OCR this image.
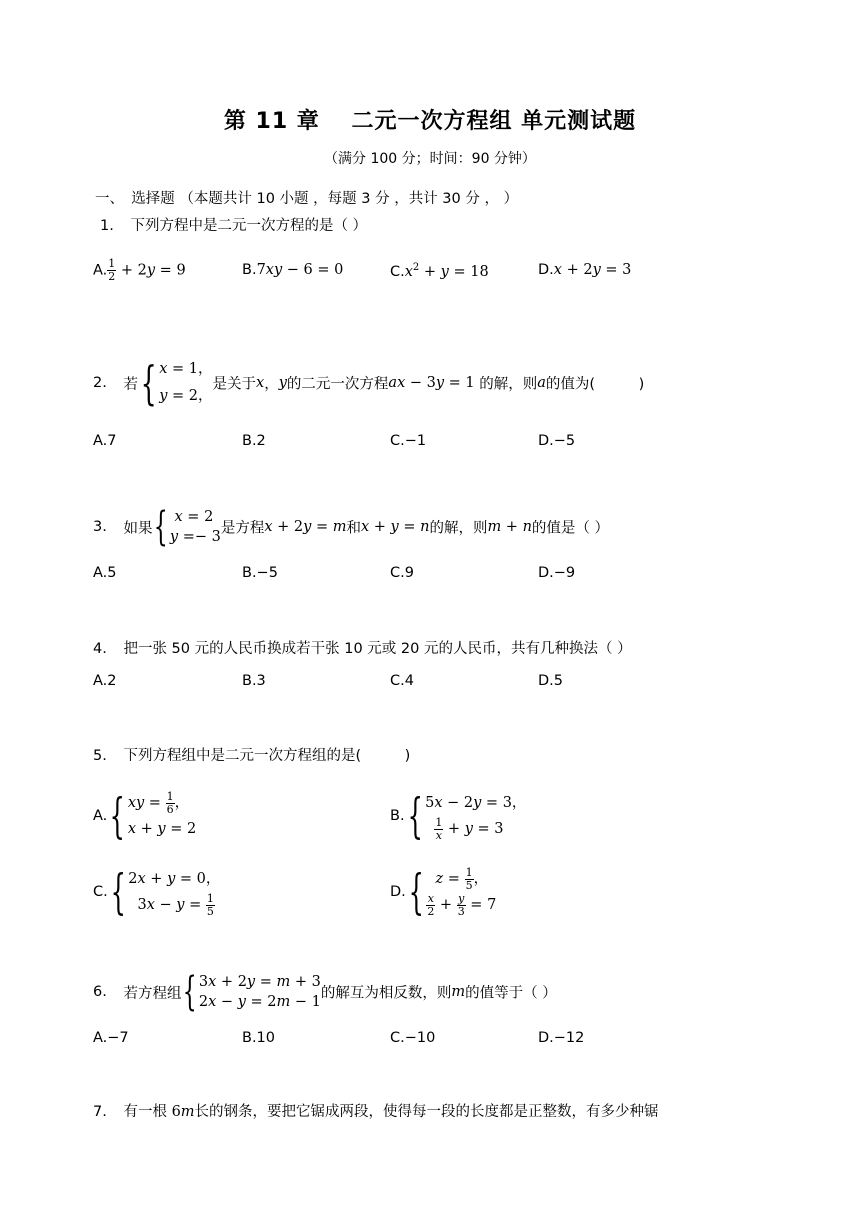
第 11 章　 二元一次方程组 单元测试题
（满分 100 分；时间：90 分钟）
一、　选择题 （本题共计 10 小题 ，每题 3 分 ，共计 30 分 ， ）
1. 下列方程中是二元一次方程的是（ ）
A. $\frac{1}{2} + 2y = 9$	B.7xy − 6 = 0	$C.x^2 + y = 18$	D.x + 2y = 3
2. 若{ x = 1，
y = 2，是关于x，y的二元一次方程ax − 3y = 1 的解，则a的值为(　　　)
A.7	B.2	C.−1	D.−5
3. 如果{ x = 2
y =− 3是方程x + 2y = m和x + y = n的解，则m + n的值是（ ）
A.5	B.−5	C.9	D.−9
4. 把一张 50 元的人民币换成若干张 10 元或 20 元的人民币，共有几种换法（ ）
A.2	B.3	C.4	D.5
5. 下列方程组中是二元一次方程组的是(　　　)
A.{ xy = $\frac{1}{6}$ ，
x + y = 2
B.{ 5x − 2y = 3，

$\frac{1}{x} + y = 3$
C.{ 2x + y = 0，
$3x - y = \frac{1}{5}$
D.{ $z = \frac{1}{5}$ ，

$\frac{x}{2} + \frac{y}{3} = 7$
6. 若方程组{ 3x + 2y = m + 3
2x − y = 2m − 1的解互为相反数，则m的值等于（ ）
A.−7	B.10	C.−10	D.−12
7. 有一根 6m长的钢条，要把它锯成两段，使得每一段的长度都是正整数，有多少种锯
